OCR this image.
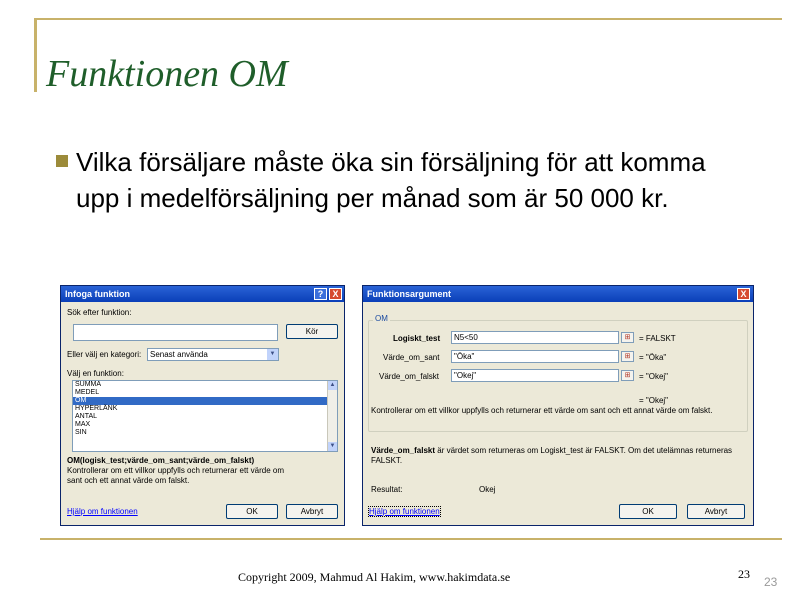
Funktionen OM
Vilka försäljare måste öka sin försäljning för att komma upp i medelförsäljning per månad som är 50 000 kr.
Infoga funktion	?	X
Sök efter funktion:
Kör
Eller välj en kategori:	Senast använda	▼
Välj en funktion:
SUMMA
MEDEL
OM
HYPERLÄNK
ANTAL
MAX
SIN
▲
▼
OM(logisk_test;värde_om_sant;värde_om_falskt)
Kontrollerar om ett villkor uppfylls och returnerar ett värde om sant och ett annat värde om falskt.
Hjälp om funktionen	OK	Avbryt
Funktionsargument	X
OM
Logiskt_test	N5<50	⊞	= FALSKT
Värde_om_sant	"Öka"	⊞	= "Öka"
Värde_om_falskt	"Okej"	⊞	= "Okej"
= "Okej"
Kontrollerar om ett villkor uppfylls och returnerar ett värde om sant och ett annat värde om falskt.
Värde_om_falskt är värdet som returneras om Logiskt_test är FALSKT. Om det utelämnas returneras FALSKT.
Resultat:	Okej
Hjälp om funktionen	OK	Avbryt
Copyright 2009, Mahmud Al Hakim, www.hakimdata.se	23
23
